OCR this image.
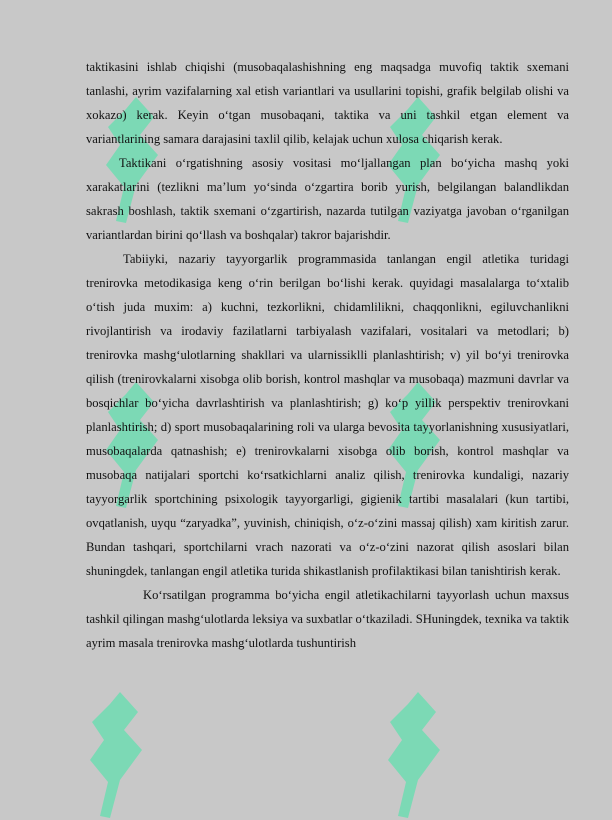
taktikasini ishlab chiqishi (musobaqalashishning eng maqsadga muvofiq taktik sxemani tanlashi, ayrim vazifalarning xal etish variantlari va usullarini topishi, grafik belgilab olishi va xokazo) kerak. Keyin o‘tgan musobaqani, taktika va uni tashkil etgan element va variantlarining samara darajasini taxlil qilib, kelajak uchun xulosa chiqarish kerak.

Taktikani o‘rgatishning asosiy vositasi mo‘ljallangan plan bo‘yicha mashq yoki xarakatlarini (tezlikni ma’lum yo‘sinda o‘zgartira borib yurish, belgilangan balandlikdan sakrash boshlash, taktik sxemani o‘zgartirish, nazarda tutilgan vaziyatga javoban o‘rganilgan variantlardan birini qo‘llash va boshqalar) takror bajarishdir.

Tabiiyki, nazariy tayyorgarlik programmasida tanlangan engil atletika turidagi trenirovka metodikasiga keng o‘rin berilgan bo‘lishi kerak. quyidagi masalalarga to‘xtalib o‘tish juda muxim: a) kuchni, tezkorlikni, chidamlilikni, chaqqonlikni, egiluvchanlikni rivojlantirish va irodaviy fazilatlarni tarbiyalash vazifalari, vositalari va metodlari; b) trenirovka mashg‘ulotlarning shakllari va ularnissiklli planlashtirish; v) yil bo‘yi trenirovka qilish (trenirovkalarni xisobga olib borish, kontrol mashqlar va musobaqa) mazmuni davrlar va bosqichlar bo‘yicha davrlashtirish va planlashtirish; g) ko‘p yillik perspektiv trenirovkani planlashtirish; d) sport musobaqalarining roli va ularga bevosita tayyorlanishning xususiyatlari, musobaqalarda qatnashish; e) trenirovkalarni xisobga olib borish, kontrol mashqlar va musobaqa natijalari sportchi ko‘rsatkichlarni analiz qilish, trenirovka kundaligi, nazariy tayyorgarlik sportchining psixologik tayyorgarligi, gigienik tartibi masalalari (kun tartibi, ovqatlanish, uyqu “zaryadka”, yuvinish, chiniqish, o‘z-o‘zini massaj qilish) xam kiritish zarur. Bundan tashqari, sportchilarni vrach nazorati va o‘z-o‘zini nazorat qilish asoslari bilan shuningdek, tanlangan engil atletika turida shikastlanish profilaktikasi bilan tanishtirish kerak.

Ko‘rsatilgan programma bo‘yicha engil atletikachilarni tayyorlash uchun maxsus tashkil qilingan mashg‘ulotlarda leksiya va suxbatlar o‘tkaziladi. SHuningdek, texnika va taktik ayrim masala trenirovka mashg‘ulotlarda tushuntirish
